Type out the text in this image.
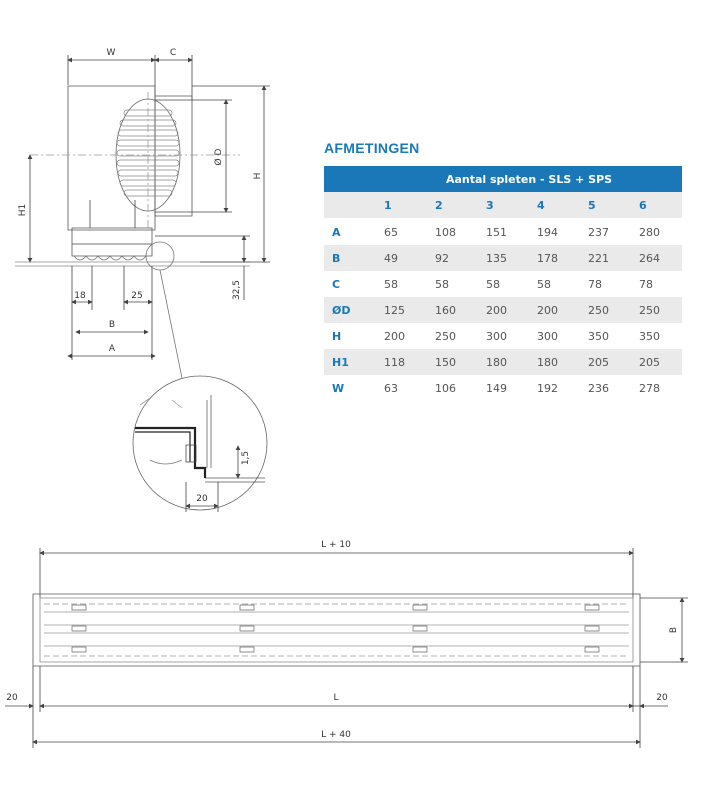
W	C
H
Ø D
H1
32,5
18	25
B
A
20
1,5
L + 10
L
L + 40
20	20
B
AFMETINGEN
	Aantal spleten - SLS + SPS					
	1	2	3	4	5	6
A	65	108	151	194	237	280
B	49	92	135	178	221	264
C	58	58	58	58	78	78
ØD	125	160	200	200	250	250
H	200	250	300	300	350	350
H1	118	150	180	180	205	205
W	63	106	149	192	236	278
